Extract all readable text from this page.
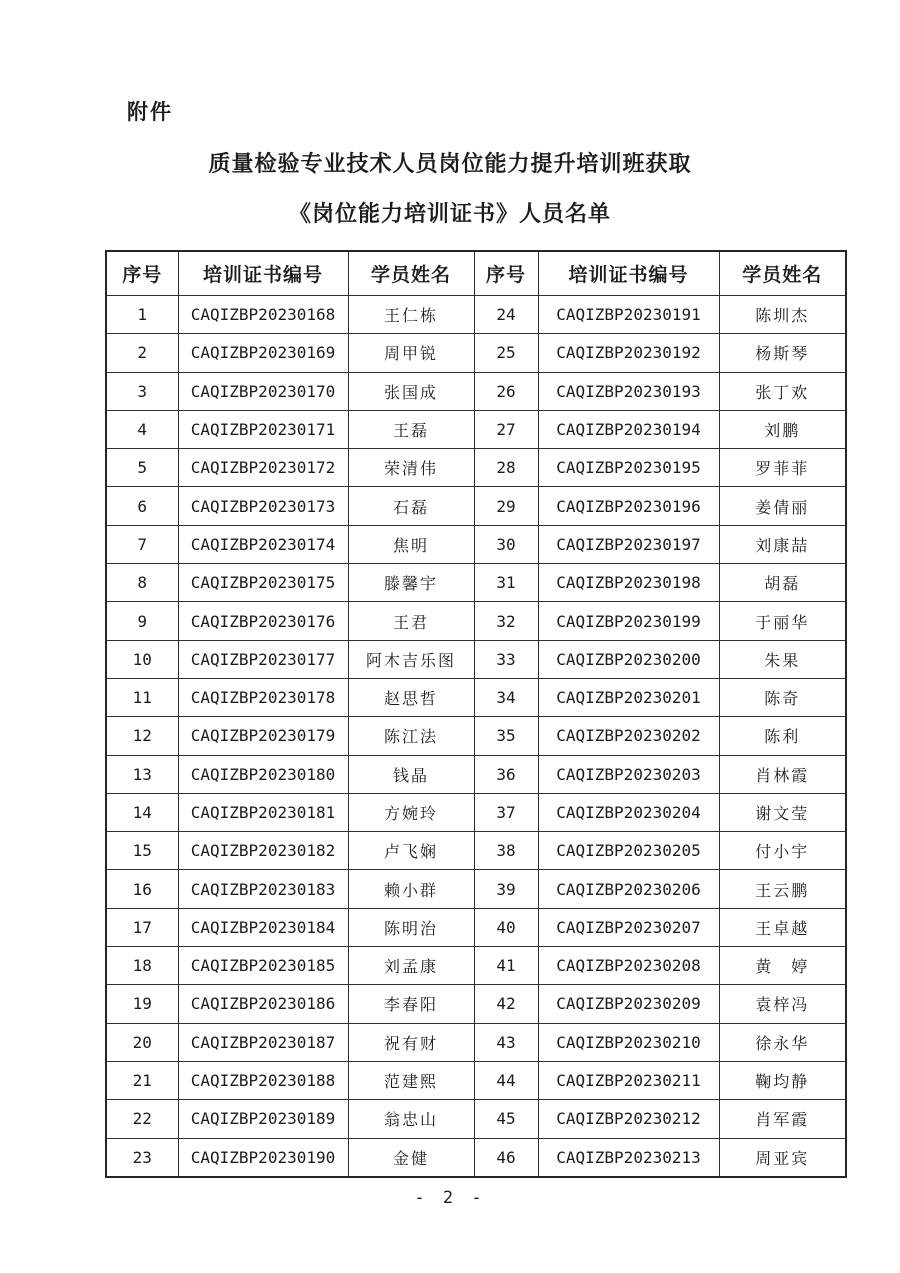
附件
质量检验专业技术人员岗位能力提升培训班获取
《岗位能力培训证书》人员名单
序号	培训证书编号	学员姓名	序号	培训证书编号	学员姓名
1	CAQIZBP20230168	王仁栋	24	CAQIZBP20230191	陈圳杰
2	CAQIZBP20230169	周甲锐	25	CAQIZBP20230192	杨斯琴
3	CAQIZBP20230170	张国成	26	CAQIZBP20230193	张丁欢
4	CAQIZBP20230171	王磊	27	CAQIZBP20230194	刘鹏
5	CAQIZBP20230172	荣清伟	28	CAQIZBP20230195	罗菲菲
6	CAQIZBP20230173	石磊	29	CAQIZBP20230196	姜倩丽
7	CAQIZBP20230174	焦明	30	CAQIZBP20230197	刘康喆
8	CAQIZBP20230175	滕馨宇	31	CAQIZBP20230198	胡磊
9	CAQIZBP20230176	王君	32	CAQIZBP20230199	于丽华
10	CAQIZBP20230177	阿木吉乐图	33	CAQIZBP20230200	朱果
11	CAQIZBP20230178	赵思哲	34	CAQIZBP20230201	陈奇
12	CAQIZBP20230179	陈江法	35	CAQIZBP20230202	陈利
13	CAQIZBP20230180	钱晶	36	CAQIZBP20230203	肖林霞
14	CAQIZBP20230181	方婉玲	37	CAQIZBP20230204	谢文莹
15	CAQIZBP20230182	卢飞娴	38	CAQIZBP20230205	付小宇
16	CAQIZBP20230183	赖小群	39	CAQIZBP20230206	王云鹏
17	CAQIZBP20230184	陈明治	40	CAQIZBP20230207	王卓越
18	CAQIZBP20230185	刘孟康	41	CAQIZBP20230208	黄　婷
19	CAQIZBP20230186	李春阳	42	CAQIZBP20230209	袁梓冯
20	CAQIZBP20230187	祝有财	43	CAQIZBP20230210	徐永华
21	CAQIZBP20230188	范建熙	44	CAQIZBP20230211	鞠均静
22	CAQIZBP20230189	翁忠山	45	CAQIZBP20230212	肖军霞
23	CAQIZBP20230190	金健	46	CAQIZBP20230213	周亚宾
- 2 -
